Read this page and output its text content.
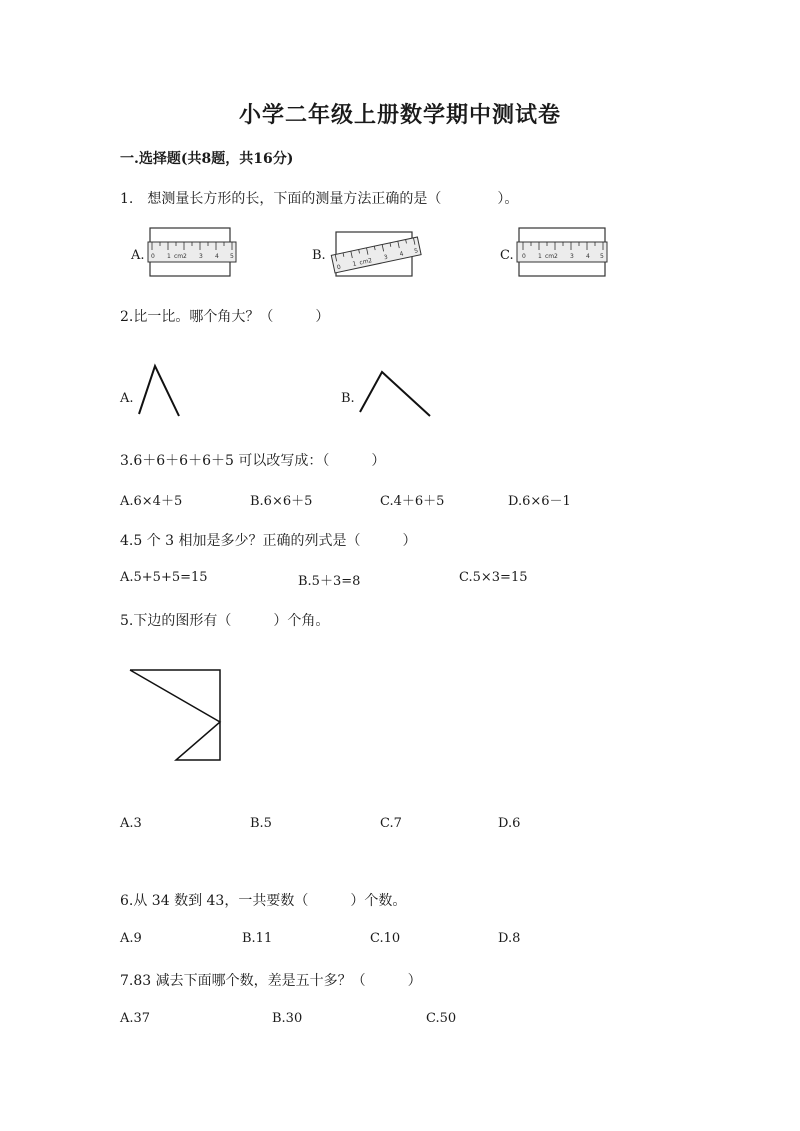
小学二年级上册数学期中测试卷
一.选择题(共8题，共16分)
1.　想测量长方形的长，下面的测量方法正确的是（　　　　）。
A.	B.	C.
0 1 cm 2 3 4 5
0 1 cm
2 3 4 5
0 1 cm 2 3 4 5
2.比一比。哪个角大？（　　　）
A.	B.
3.6＋6＋6＋6＋5 可以改写成：（　　　）
A.6×4＋5	B.6×6＋5	C.4＋6＋5	D.6×6－1
4.5 个 3 相加是多少？正确的列式是（　　　）
A.5+5+5=15	B.5＋3=8	C.5×3=15
5.下边的图形有（　　　）个角。
A.3	B.5	C.7	D.6
6.从 34 数到 43，一共要数（　　　）个数。
A.9	B.11	C.10	D.8
7.83 减去下面哪个数，差是五十多？（　　　）
A.37	B.30	C.50
